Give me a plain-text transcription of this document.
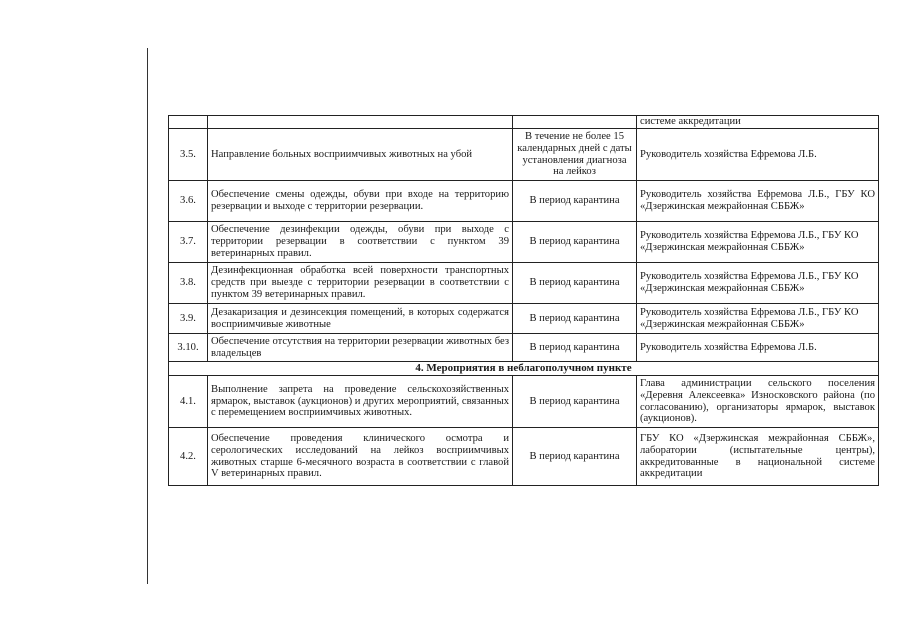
			системе аккредитации
3.5.	Направление больных восприимчивых животных на убой	В течение не более 15 календарных дней с даты установления диагноза на лейкоз	Руководитель хозяйства Ефремова Л.Б.
3.6.	Обеспечение смены одежды, обуви при входе на территорию резервации и выходе с территории резервации.	В период карантина	Руководитель хозяйства Ефремова Л.Б., ГБУ КО «Дзержинская межрайонная СББЖ»
3.7.	Обеспечение дезинфекции одежды, обуви при выходе с территории резервации в соответствии с пунктом 39 ветеринарных правил.	В период карантина	Руководитель хозяйства Ефремова Л.Б., ГБУ КО «Дзержинская межрайонная СББЖ»
3.8.	Дезинфекционная обработка всей поверхности транспортных средств при выезде с территории резервации в соответствии с пунктом 39 ветеринарных правил.	В период карантина	Руководитель хозяйства Ефремова Л.Б., ГБУ КО «Дзержинская межрайонная СББЖ»
3.9.	Дезакаризация и дезинсекция помещений, в которых содержатся восприимчивые животные	В период карантина	Руководитель хозяйства Ефремова Л.Б., ГБУ КО «Дзержинская межрайонная СББЖ»
3.10.	Обеспечение отсутствия на территории резервации животных без владельцев	В период карантина	Руководитель хозяйства Ефремова Л.Б.
4. Мероприятия в неблагополучном пункте			
4.1.	Выполнение запрета на проведение сельскохозяйственных ярмарок, выставок (аукционов) и других мероприятий, связанных с перемещением восприимчивых животных.	В период карантина	Глава администрации сельского поселения «Деревня Алексеевка» Износковского района (по согласованию), организаторы ярмарок, выставок (аукционов).
4.2.	Обеспечение проведения клинического осмотра и серологических исследований на лейкоз восприимчивых животных старше 6-месячного возраста в соответствии с главой V ветеринарных правил.	В период карантина	ГБУ КО «Дзержинская межрайонная СББЖ», лаборатории (испытательные центры), аккредитованные в национальной системе аккредитации
